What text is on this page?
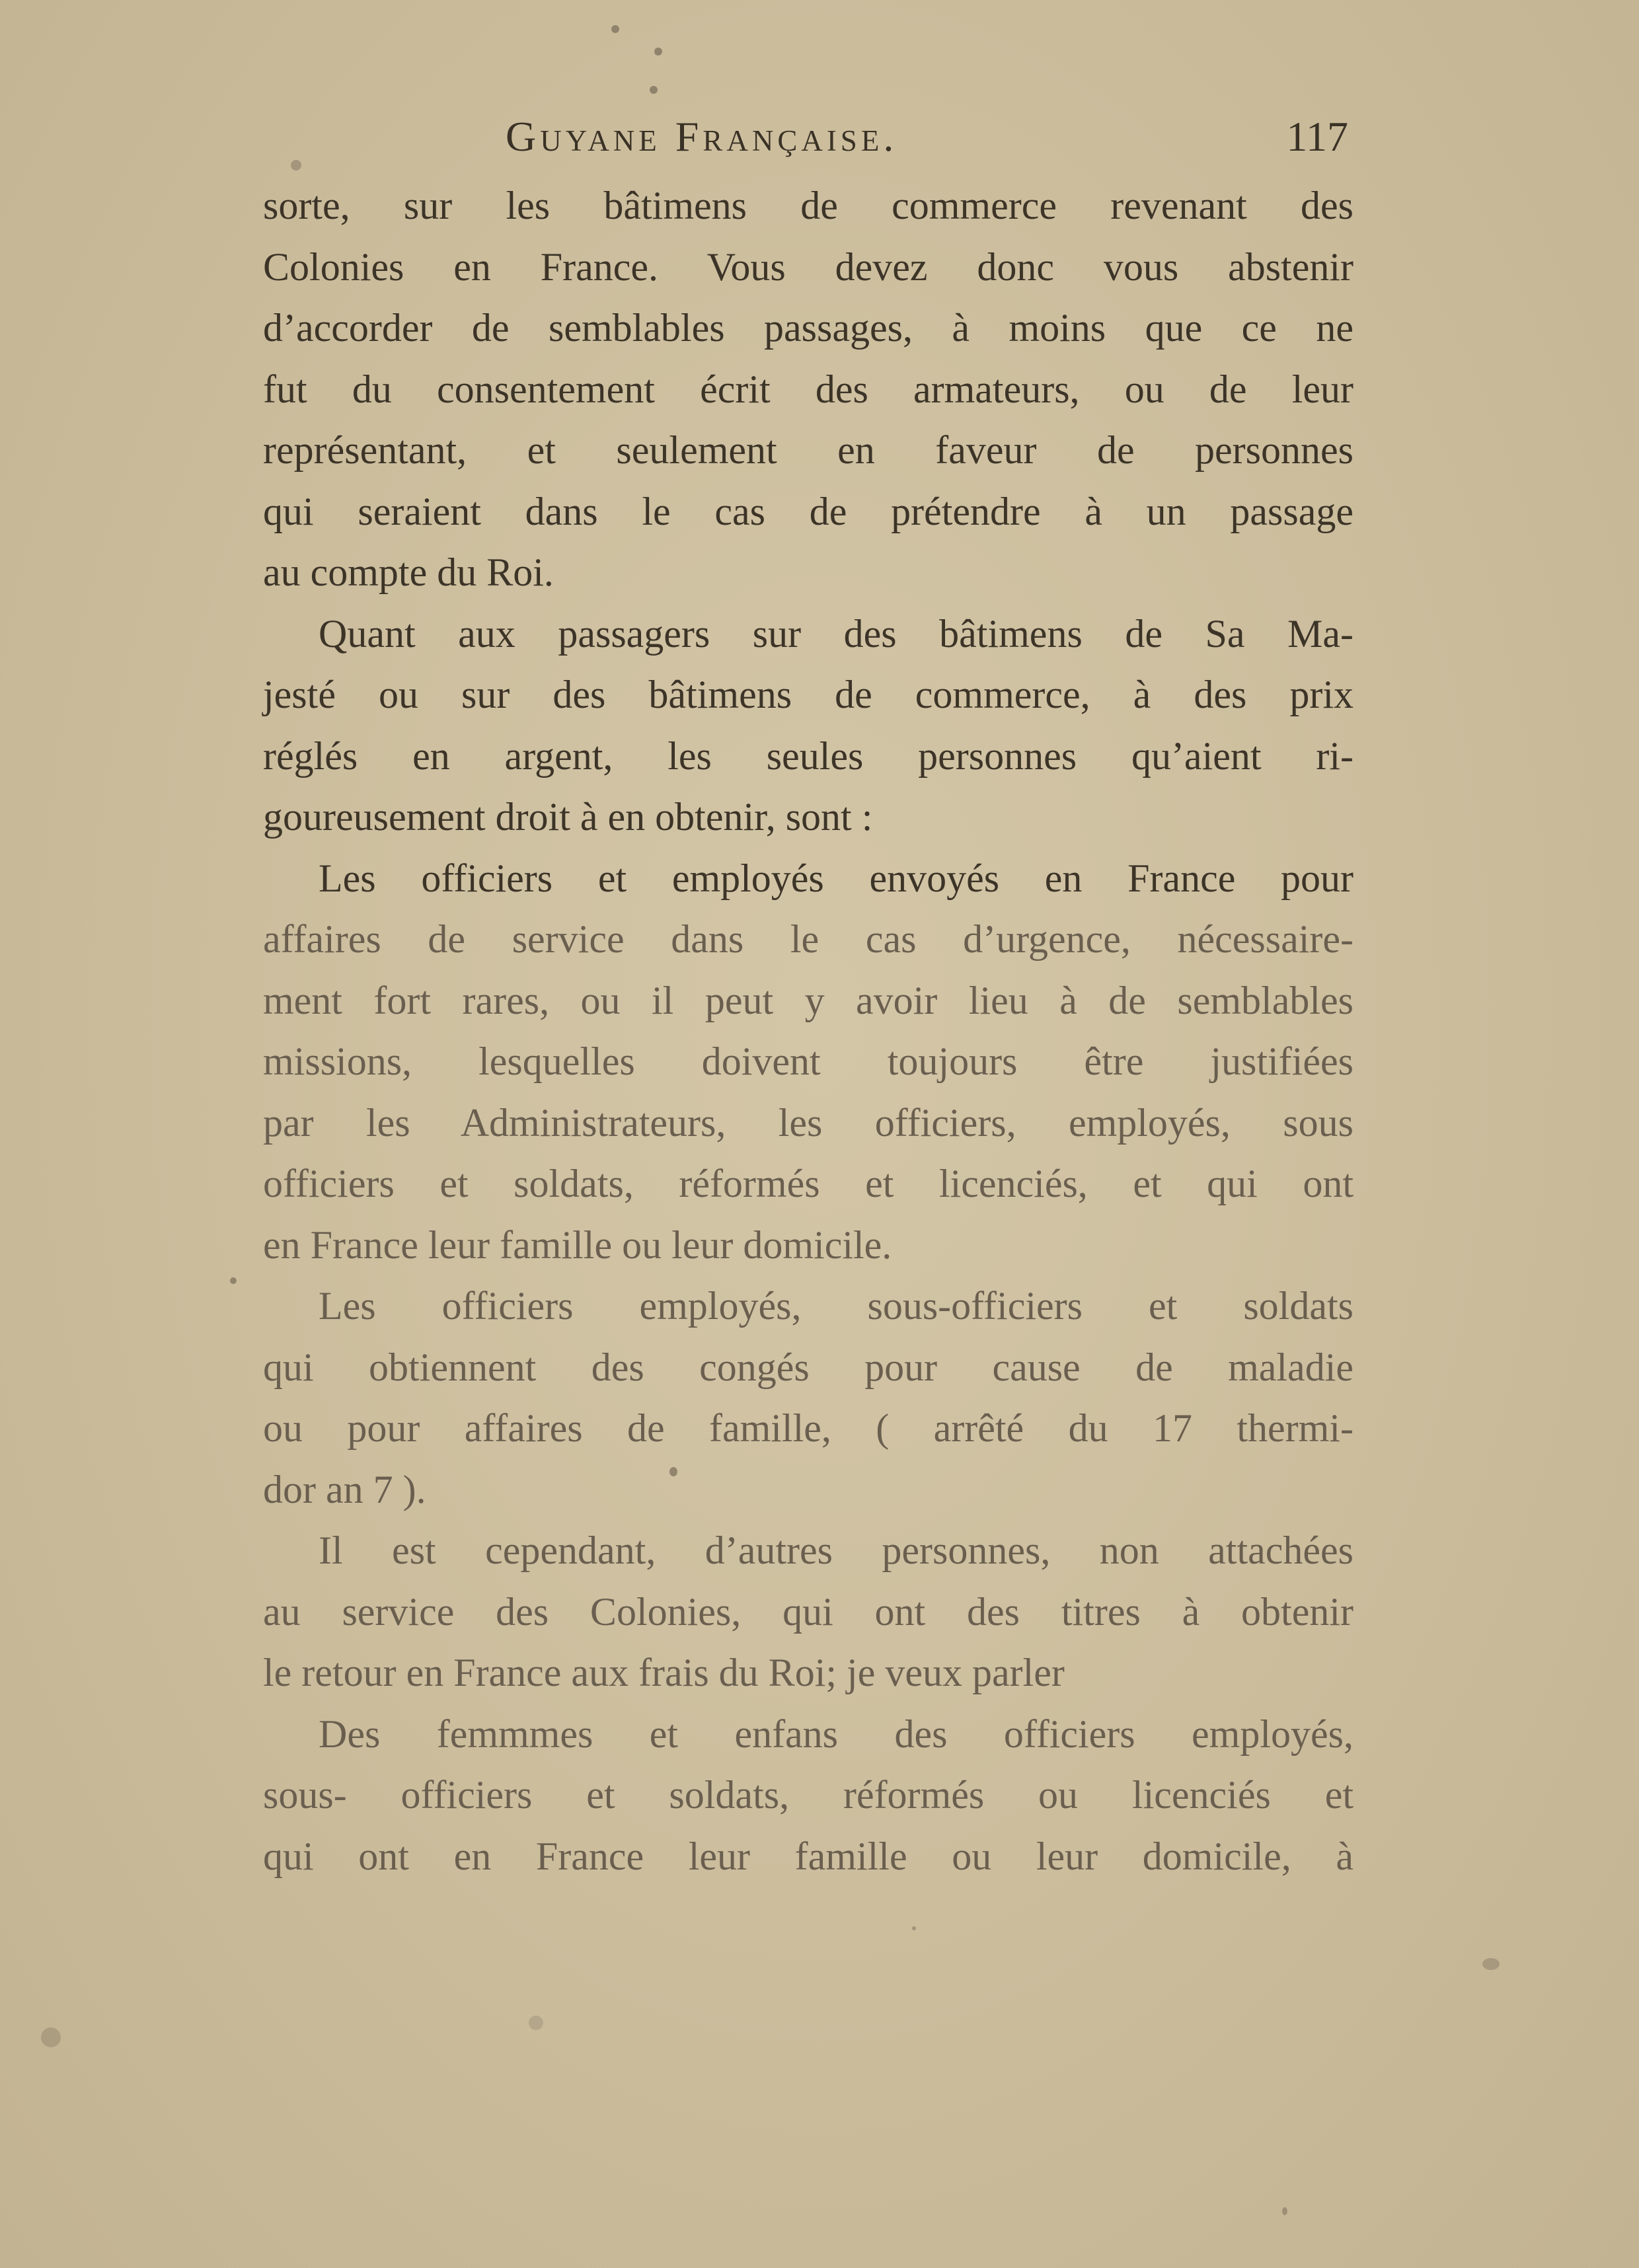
Guyane Française.	117
sorte, sur les bâtimens de commerce revenant des
Colonies en France. Vous devez donc vous abstenir
d’accorder de semblables passages, à moins que ce ne
fut du consentement écrit des armateurs, ou de leur
représentant, et seulement en faveur de personnes
qui seraient dans le cas de prétendre à un passage
au compte du Roi.
Quant aux passagers sur des bâtimens de Sa Ma-
jesté ou sur des bâtimens de commerce, à des prix
réglés en argent, les seules personnes qu’aient ri-
goureusement droit à en obtenir, sont :
Les officiers et employés envoyés en France pour
affaires de service dans le cas d’urgence, nécessaire-
ment fort rares, ou il peut y avoir lieu à de semblables
missions, lesquelles doivent toujours être justifiées
par les Administrateurs, les officiers, employés, sous
officiers et soldats, réformés et licenciés, et qui ont
en France leur famille ou leur domicile.
Les officiers employés, sous-officiers et soldats
qui obtiennent des congés pour cause de maladie
ou pour affaires de famille, ( arrêté du 17 thermi-
dor an 7 ).
Il est cependant, d’autres personnes, non attachées
au service des Colonies, qui ont des titres à obtenir
le retour en France aux frais du Roi; je veux parler
Des femmmes et enfans des officiers employés,
sous- officiers et soldats, réformés ou licenciés et
qui ont en France leur famille ou leur domicile, à
